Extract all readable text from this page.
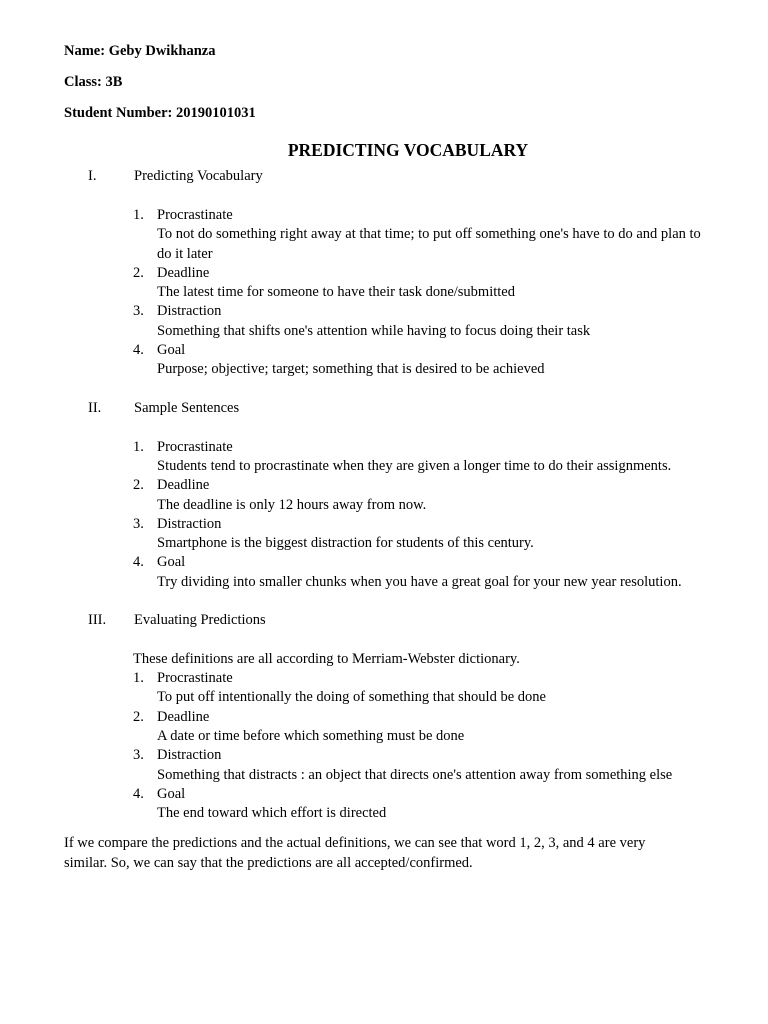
Name: Geby Dwikhanza
Class: 3B
Student Number: 20190101031
PREDICTING VOCABULARY
I.	Predicting Vocabulary
1. Procrastinate
To not do something right away at that time; to put off something one's have to do and plan to do it later
2. Deadline
The latest time for someone to have their task done/submitted
3. Distraction
Something that shifts one's attention while having to focus doing their task
4. Goal
Purpose; objective; target; something that is desired to be achieved
II.	Sample Sentences
1. Procrastinate
Students tend to procrastinate when they are given a longer time to do their assignments.
2. Deadline
The deadline is only 12 hours away from now.
3. Distraction
Smartphone is the biggest distraction for students of this century.
4. Goal
Try dividing into smaller chunks when you have a great goal for your new year resolution.
III.	Evaluating Predictions
These definitions are all according to Merriam-Webster dictionary.
1. Procrastinate
To put off intentionally the doing of something that should be done
2. Deadline
A date or time before which something must be done
3. Distraction
Something that distracts : an object that directs one's attention away from something else
4. Goal
The end toward which effort is directed
If we compare the predictions and the actual definitions, we can see that word 1, 2, 3, and 4 are very similar. So, we can say that the predictions are all accepted/confirmed.
